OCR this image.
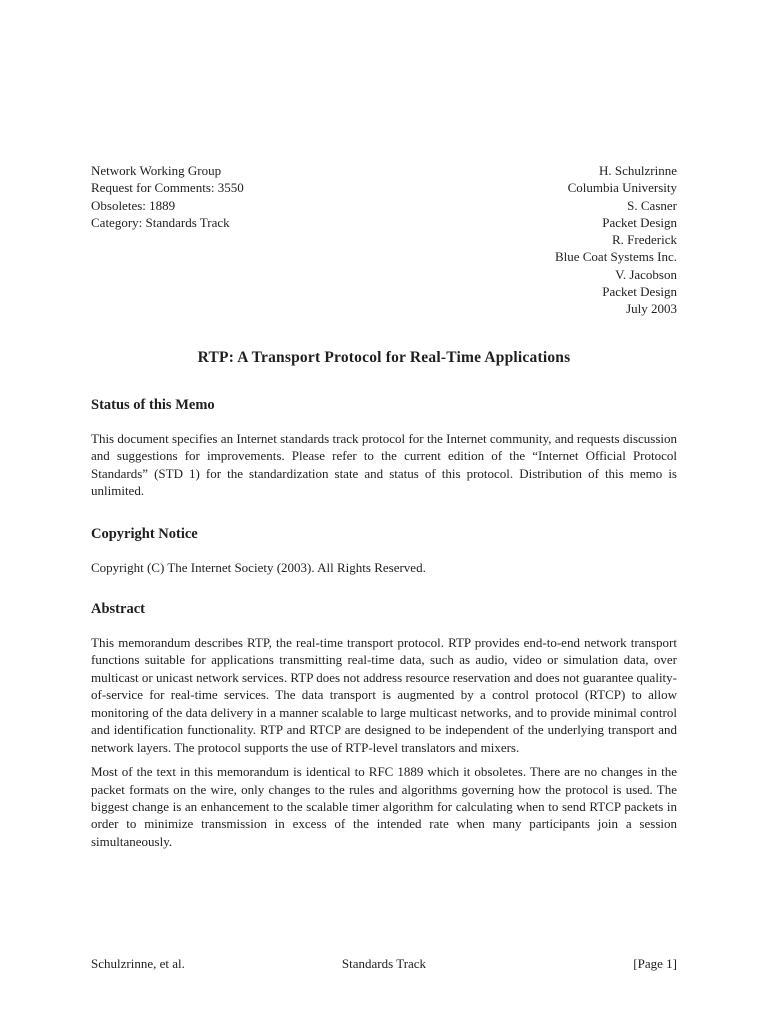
Network Working Group
Request for Comments: 3550
Obsoletes: 1889
Category: Standards Track
H. Schulzrinne
Columbia University
S. Casner
Packet Design
R. Frederick
Blue Coat Systems Inc.
V. Jacobson
Packet Design
July 2003
RTP: A Transport Protocol for Real-Time Applications
Status of this Memo

This document specifies an Internet standards track protocol for the Internet community, and requests discussion and suggestions for improvements. Please refer to the current edition of the “Internet Official Protocol Standards” (STD 1) for the standardization state and status of this protocol. Distribution of this memo is unlimited.

Copyright Notice

Copyright (C) The Internet Society (2003). All Rights Reserved.

Abstract

This memorandum describes RTP, the real-time transport protocol. RTP provides end-to-end network transport functions suitable for applications transmitting real-time data, such as audio, video or simulation data, over multicast or unicast network services. RTP does not address resource reservation and does not guarantee quality-of-service for real-time services. The data transport is augmented by a control protocol (RTCP) to allow monitoring of the data delivery in a manner scalable to large multicast networks, and to provide minimal control and identification functionality. RTP and RTCP are designed to be independent of the underlying transport and network layers. The protocol supports the use of RTP-level translators and mixers.

Most of the text in this memorandum is identical to RFC 1889 which it obsoletes. There are no changes in the packet formats on the wire, only changes to the rules and algorithms governing how the protocol is used. The biggest change is an enhancement to the scalable timer algorithm for calculating when to send RTCP packets in order to minimize transmission in excess of the intended rate when many participants join a session simultaneously.

Schulzrinne, et al.	Standards Track	[Page 1]
